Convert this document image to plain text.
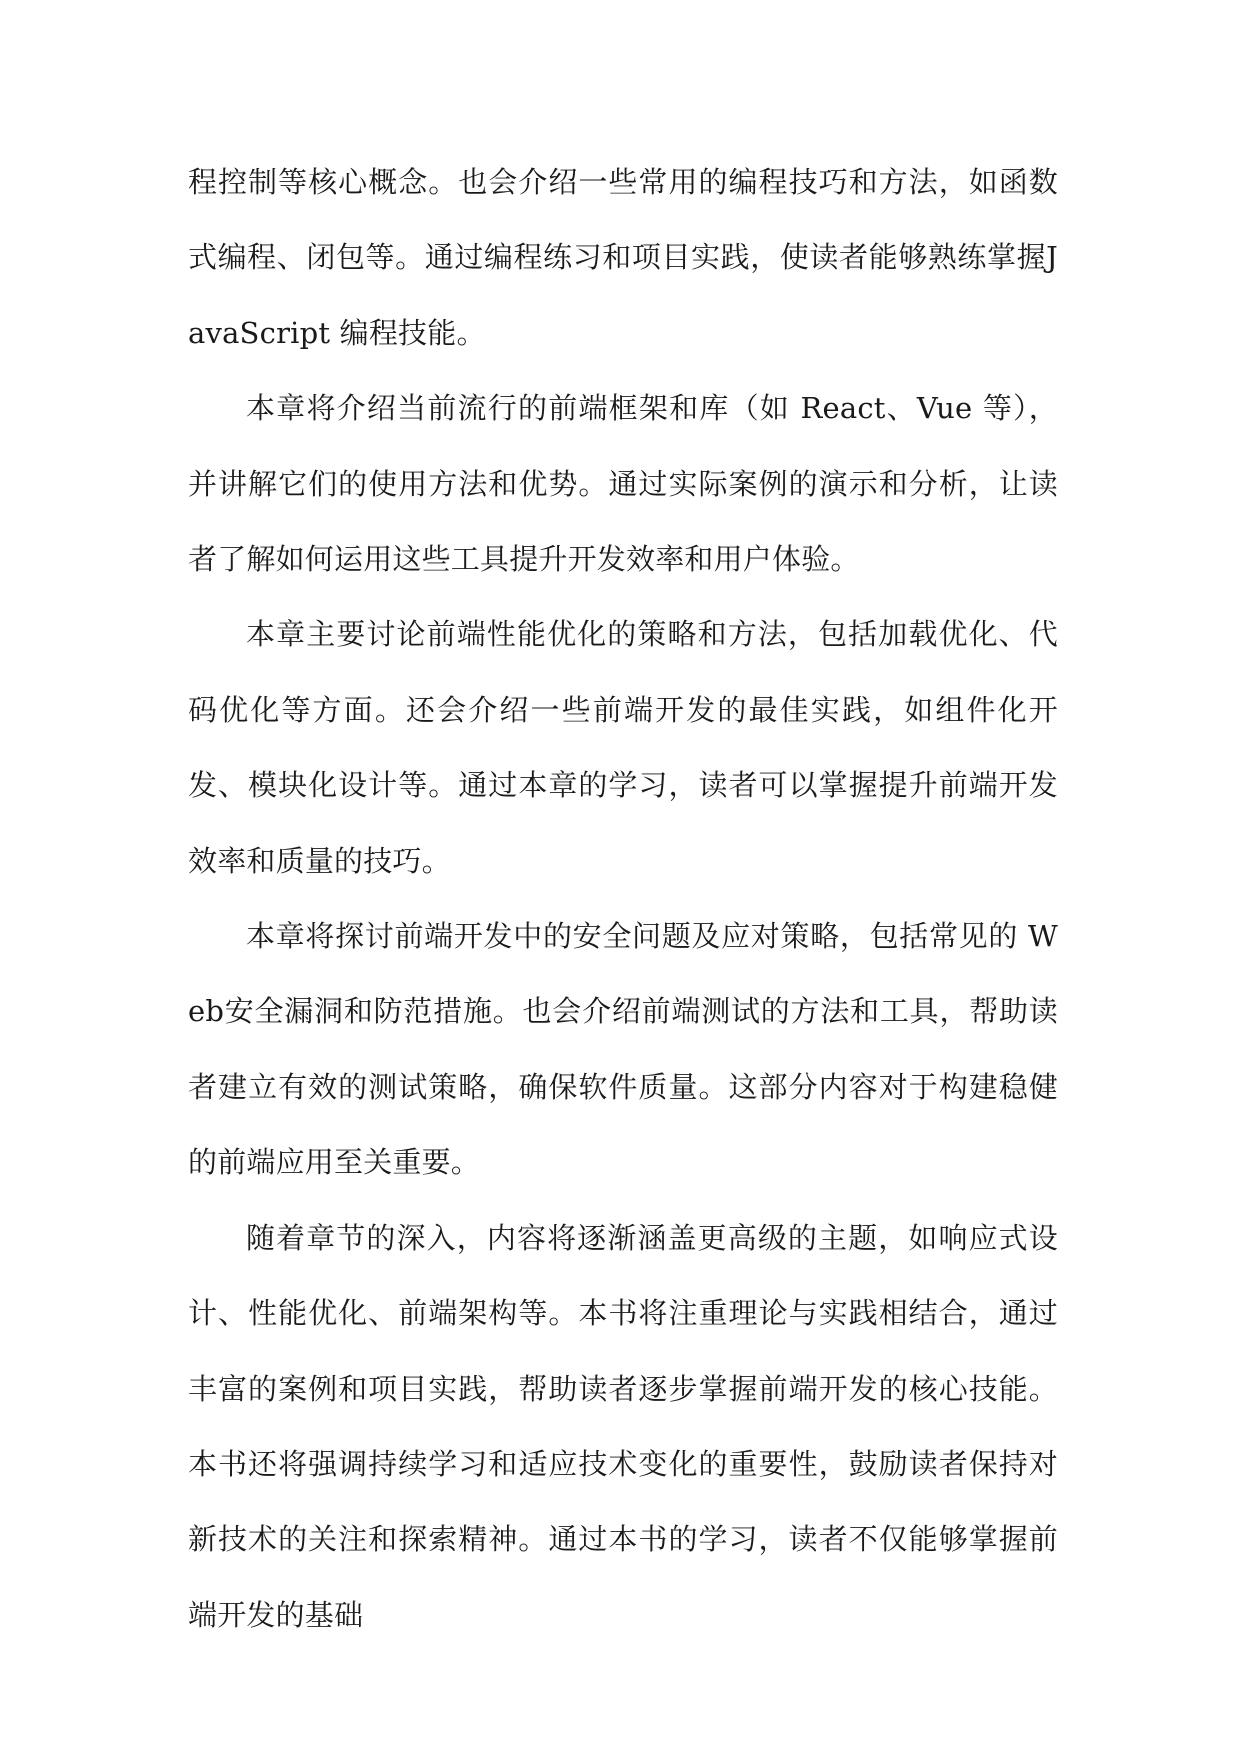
程控制等核心概念。也会介绍一些常用的编程技巧和方法，如函数式编程、闭包等。通过编程练习和项目实践，使读者能够熟练掌握JavaScript 编程技能。

本章将介绍当前流行的前端框架和库（如 React、Vue 等），并讲解它们的使用方法和优势。通过实际案例的演示和分析，让读者了解如何运用这些工具提升开发效率和用户体验。

本章主要讨论前端性能优化的策略和方法，包括加载优化、代码优化等方面。还会介绍一些前端开发的最佳实践，如组件化开发、模块化设计等。通过本章的学习，读者可以掌握提升前端开发效率和质量的技巧。

本章将探讨前端开发中的安全问题及应对策略，包括常见的 Web安全漏洞和防范措施。也会介绍前端测试的方法和工具，帮助读者建立有效的测试策略，确保软件质量。这部分内容对于构建稳健的前端应用至关重要。

随着章节的深入，内容将逐渐涵盖更高级的主题，如响应式设计、性能优化、前端架构等。本书将注重理论与实践相结合，通过丰富的案例和项目实践，帮助读者逐步掌握前端开发的核心技能。本书还将强调持续学习和适应技术变化的重要性，鼓励读者保持对新技术的关注和探索精神。通过本书的学习，读者不仅能够掌握前端开发的基础
